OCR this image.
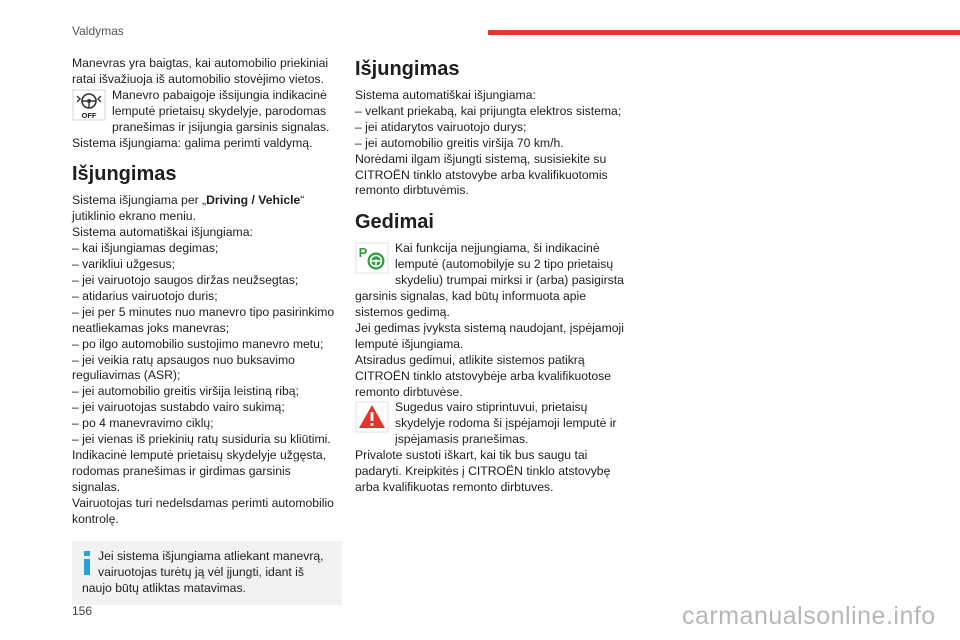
Valdymas

Manevras yra baigtas, kai automobilio priekiniai ratai išvažiuoja iš automobilio stovėjimo vietos.

OFF

Manevro pabaigoje išsijungia indikacinė lemputė prietaisų skydelyje, parodomas pranešimas ir įsijungia garsinis signalas.

Sistema išjungiama: galima perimti valdymą.

Išjungimas

Sistema išjungiama per „Driving / Vehicle“ jutiklinio ekrano meniu.

Sistema automatiškai išjungiama:

– kai išjungiamas degimas;

– varikliui užgesus;

– jei vairuotojo saugos diržas neužsegtas;

– atidarius vairuotojo duris;

– jei per 5 minutes nuo manevro tipo pasirinkimo neatliekamas joks manevras;

– po ilgo automobilio sustojimo manevro metu;

– jei veikia ratų apsaugos nuo buksavimo reguliavimas (ASR);

– jei automobilio greitis viršija leistiną ribą;

– jei vairuotojas sustabdo vairo sukimą;

– po 4 manevravimo ciklų;

– jei vienas iš priekinių ratų susiduria su kliūtimi.

Indikacinė lemputė prietaisų skydelyje užgęsta, rodomas pranešimas ir girdimas garsinis signalas.

Vairuotojas turi nedelsdamas perimti automobilio kontrolę.

Jei sistema išjungiama atliekant manevrą, vairuotojas turėtų ją vėl įjungti, idant iš naujo būtų atliktas matavimas.
Išjungimas

Sistema automatiškai išjungiama:

– velkant priekabą, kai prijungta elektros sistema;

– jei atidarytos vairuotojo durys;

– jei automobilio greitis viršija 70 km/h.

Norėdami ilgam išjungti sistemą, susisiekite su CITROËN tinklo atstovybe arba kvalifikuotomis remonto dirbtuvėmis.

Gedimai
P	Kai funkcija neįjungiama, ši indikacinė lemputė (automobilyje su 2 tipo prietaisų skydeliu) trumpai mirksi ir (arba) pasigirsta garsinis signalas, kad būtų informuota apie sistemos gedimą.

Jei gedimas įvyksta sistemą naudojant, įspėjamoji lemputė išjungiama.

Atsiradus gedimui, atlikite sistemos patikrą CITROËN tinklo atstovybėje arba kvalifikuotose remonto dirbtuvėse.

Sugedus vairo stiprintuvui, prietaisų skydelyje rodoma ši įspėjamoji lemputė ir įspėjamasis pranešimas.

Privalote sustoti iškart, kai tik bus saugu tai padaryti. Kreipkitės į CITROËN tinklo atstovybę arba kvalifikuotas remonto dirbtuves.

156	carmanualsonline.info
